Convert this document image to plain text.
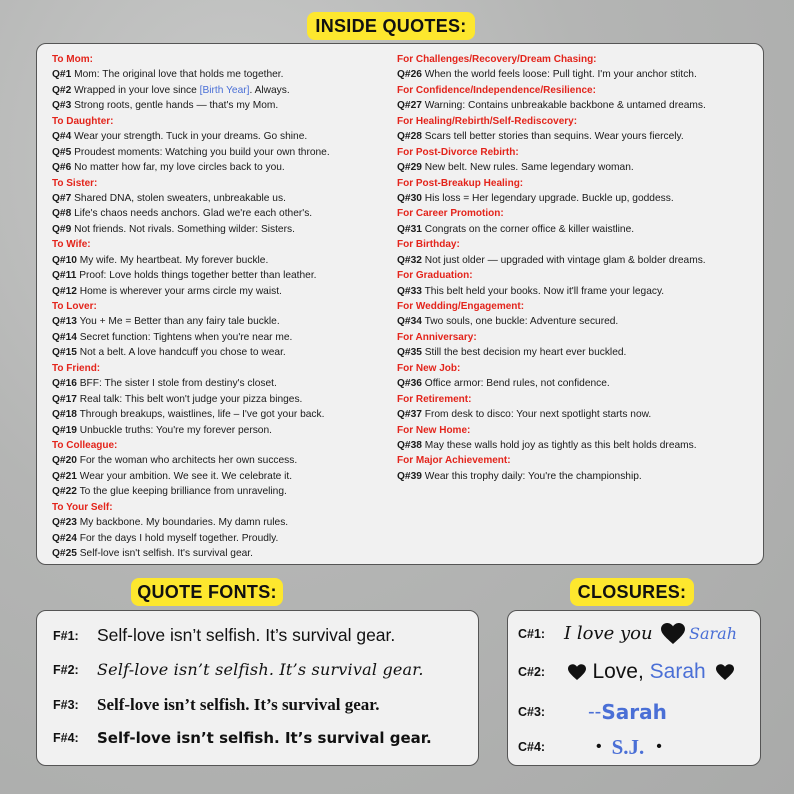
INSIDE QUOTES:
To Mom:
Q#1 Mom: The original love that holds me together.
Q#2 Wrapped in your love since [Birth Year]. Always.
Q#3 Strong roots, gentle hands — that's my Mom.
To Daughter:
Q#4 Wear your strength. Tuck in your dreams. Go shine.
Q#5 Proudest moments: Watching you build your own throne.
Q#6 No matter how far, my love circles back to you.
To Sister:
Q#7 Shared DNA, stolen sweaters, unbreakable us.
Q#8 Life's chaos needs anchors. Glad we're each other's.
Q#9 Not friends. Not rivals. Something wilder: Sisters.
To Wife:
Q#10 My wife. My heartbeat. My forever buckle.
Q#11 Proof: Love holds things together better than leather.
Q#12 Home is wherever your arms circle my waist.
To Lover:
Q#13 You + Me = Better than any fairy tale buckle.
Q#14 Secret function: Tightens when you're near me.
Q#15 Not a belt. A love handcuff you chose to wear.
To Friend:
Q#16 BFF: The sister I stole from destiny's closet.
Q#17 Real talk: This belt won't judge your pizza binges.
Q#18 Through breakups, waistlines, life – I've got your back.
Q#19 Unbuckle truths: You're my forever person.
To Colleague:
Q#20 For the woman who architects her own success.
Q#21 Wear your ambition. We see it. We celebrate it.
Q#22 To the glue keeping brilliance from unraveling.
To Your Self:
Q#23 My backbone. My boundaries. My damn rules.
Q#24 For the days I hold myself together. Proudly.
Q#25 Self-love isn't selfish. It's survival gear.
For Challenges/Recovery/Dream Chasing:
Q#26 When the world feels loose: Pull tight. I'm your anchor stitch.
For Confidence/Independence/Resilience:
Q#27 Warning: Contains unbreakable backbone & untamed dreams.
For Healing/Rebirth/Self-Rediscovery:
Q#28 Scars tell better stories than sequins. Wear yours fiercely.
For Post-Divorce Rebirth:
Q#29 New belt. New rules. Same legendary woman.
For Post-Breakup Healing:
Q#30 His loss = Her legendary upgrade. Buckle up, goddess.
For Career Promotion:
Q#31 Congrats on the corner office & killer waistline.
For Birthday:
Q#32 Not just older — upgraded with vintage glam & bolder dreams.
For Graduation:
Q#33 This belt held your books. Now it'll frame your legacy.
For Wedding/Engagement:
Q#34 Two souls, one buckle: Adventure secured.
For Anniversary:
Q#35 Still the best decision my heart ever buckled.
For New Job:
Q#36 Office armor: Bend rules, not confidence.
For Retirement:
Q#37 From desk to disco: Your next spotlight starts now.
For New Home:
Q#38 May these walls hold joy as tightly as this belt holds dreams.
For Major Achievement:
Q#39 Wear this trophy daily: You're the championship.
QUOTE FONTS:
F#1: Self-love isn’t selfish. It’s survival gear.
F#2: Self-love isn’t selfish. It’s survival gear.
F#3: Self-love isn’t selfish. It’s survival gear.
F#4: Self-love isn’t selfish. It’s survival gear.
CLOSURES:
C#1: I love you Sarah
C#2: Love, Sarah
C#3: --Sarah
C#4:	• S.J. •
